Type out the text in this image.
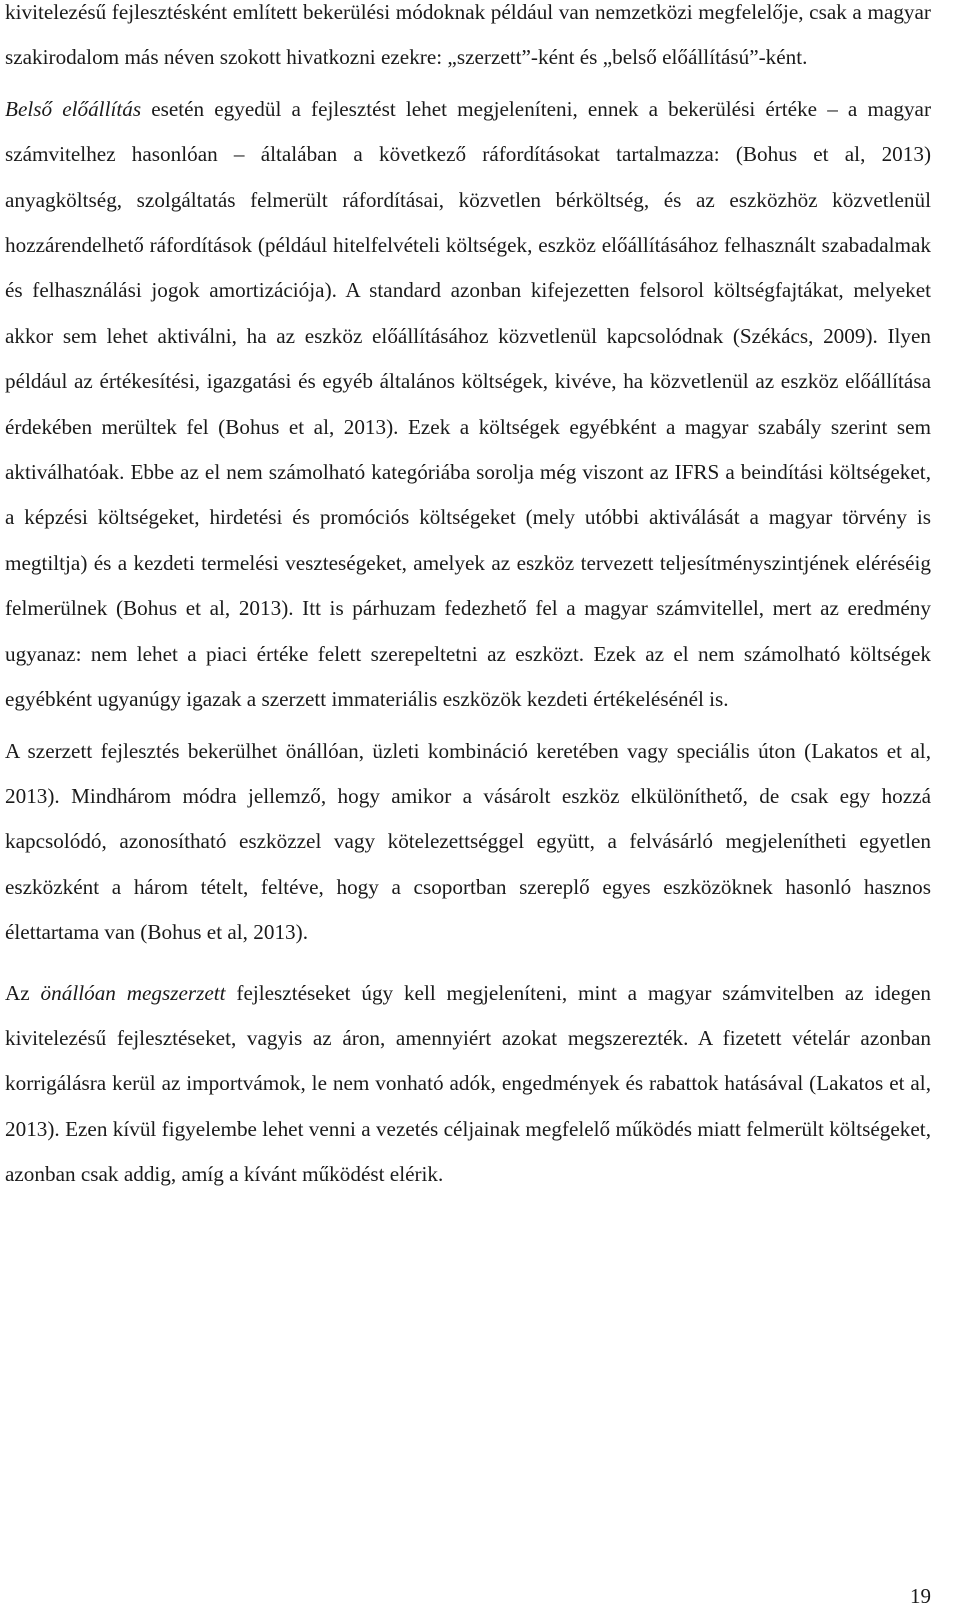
kivitelezésű fejlesztésként említett bekerülési módoknak például van nemzetközi megfelelője, csak a magyar szakirodalom más néven szokott hivatkozni ezekre: „szerzett”-ként és „belső előállítású”-ként.

Belső előállítás esetén egyedül a fejlesztést lehet megjeleníteni, ennek a bekerülési értéke – a magyar számvitelhez hasonlóan – általában a következő ráfordításokat tartalmazza: (Bohus et al, 2013) anyagköltség, szolgáltatás felmerült ráfordításai, közvetlen bérköltség, és az eszközhöz közvetlenül hozzárendelhető ráfordítások (például hitelfelvételi költségek, eszköz előállításához felhasznált szabadalmak és felhasználási jogok amortizációja). A standard azonban kifejezetten felsorol költségfajtákat, melyeket akkor sem lehet aktiválni, ha az eszköz előállításához közvetlenül kapcsolódnak (Székács, 2009). Ilyen például az értékesítési, igazgatási és egyéb általános költségek, kivéve, ha közvetlenül az eszköz előállítása érdekében merültek fel (Bohus et al, 2013). Ezek a költségek egyébként a magyar szabály szerint sem aktiválhatóak. Ebbe az el nem számolható kategóriába sorolja még viszont az IFRS a beindítási költségeket, a képzési költségeket, hirdetési és promóciós költségeket (mely utóbbi aktiválását a magyar törvény is megtiltja) és a kezdeti termelési veszteségeket, amelyek az eszköz tervezett teljesítményszintjének eléréséig felmerülnek (Bohus et al, 2013). Itt is párhuzam fedezhető fel a magyar számvitellel, mert az eredmény ugyanaz: nem lehet a piaci értéke felett szerepeltetni az eszközt. Ezek az el nem számolható költségek egyébként ugyanúgy igazak a szerzett immateriális eszközök kezdeti értékelésénél is.

A szerzett fejlesztés bekerülhet önállóan, üzleti kombináció keretében vagy speciális úton (Lakatos et al, 2013). Mindhárom módra jellemző, hogy amikor a vásárolt eszköz elkülöníthető, de csak egy hozzá kapcsolódó, azonosítható eszközzel vagy kötelezettséggel együtt, a felvásárló megjelenítheti egyetlen eszközként a három tételt, feltéve, hogy a csoportban szereplő egyes eszközöknek hasonló hasznos élettartama van (Bohus et al, 2013).

Az önállóan megszerzett fejlesztéseket úgy kell megjeleníteni, mint a magyar számvitelben az idegen kivitelezésű fejlesztéseket, vagyis az áron, amennyiért azokat megszerezték. A fizetett vételár azonban korrigálásra kerül az importvámok, le nem vonható adók, engedmények és rabattok hatásával (Lakatos et al, 2013). Ezen kívül figyelembe lehet venni a vezetés céljainak megfelelő működés miatt felmerült költségeket, azonban csak addig, amíg a kívánt működést elérik.

19
